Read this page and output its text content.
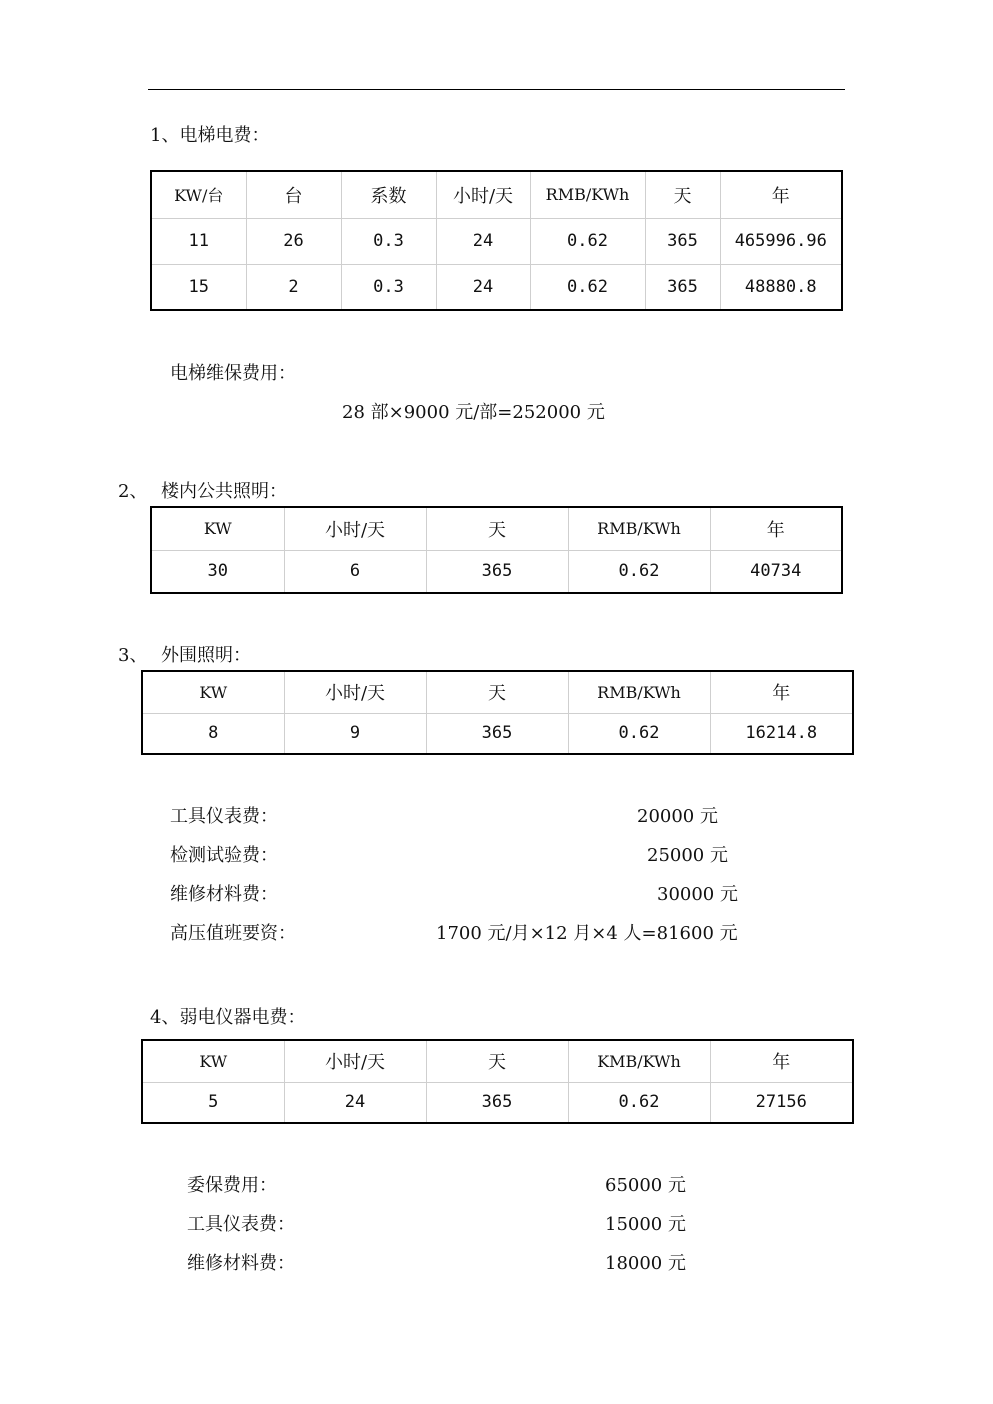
1、电梯电费：
KW/台	台	系数	小时/天	RMB/KWh	天	年
11	26	0.3	24	0.62	365	465996.96
15	2	0.3	24	0.62	365	48880.8
电梯维保费用：
28 部×9000 元/部=252000 元
2、 楼内公共照明：
KW	小时/天	天	RMB/KWh	年
30	6	365	0.62	40734
3、 外围照明：
KW	小时/天	天	RMB/KWh	年
8	9	365	0.62	16214.8
工具仪表费：	20000 元
检测试验费：	25000 元
维修材料费：	30000 元
高压值班要资：	1700 元/月×12 月×4 人=81600 元
4、弱电仪器电费：
KW	小时/天	天	KMB/KWh	年
5	24	365	0.62	27156
委保费用：	65000 元
工具仪表费：	15000 元
维修材料费：	18000 元
